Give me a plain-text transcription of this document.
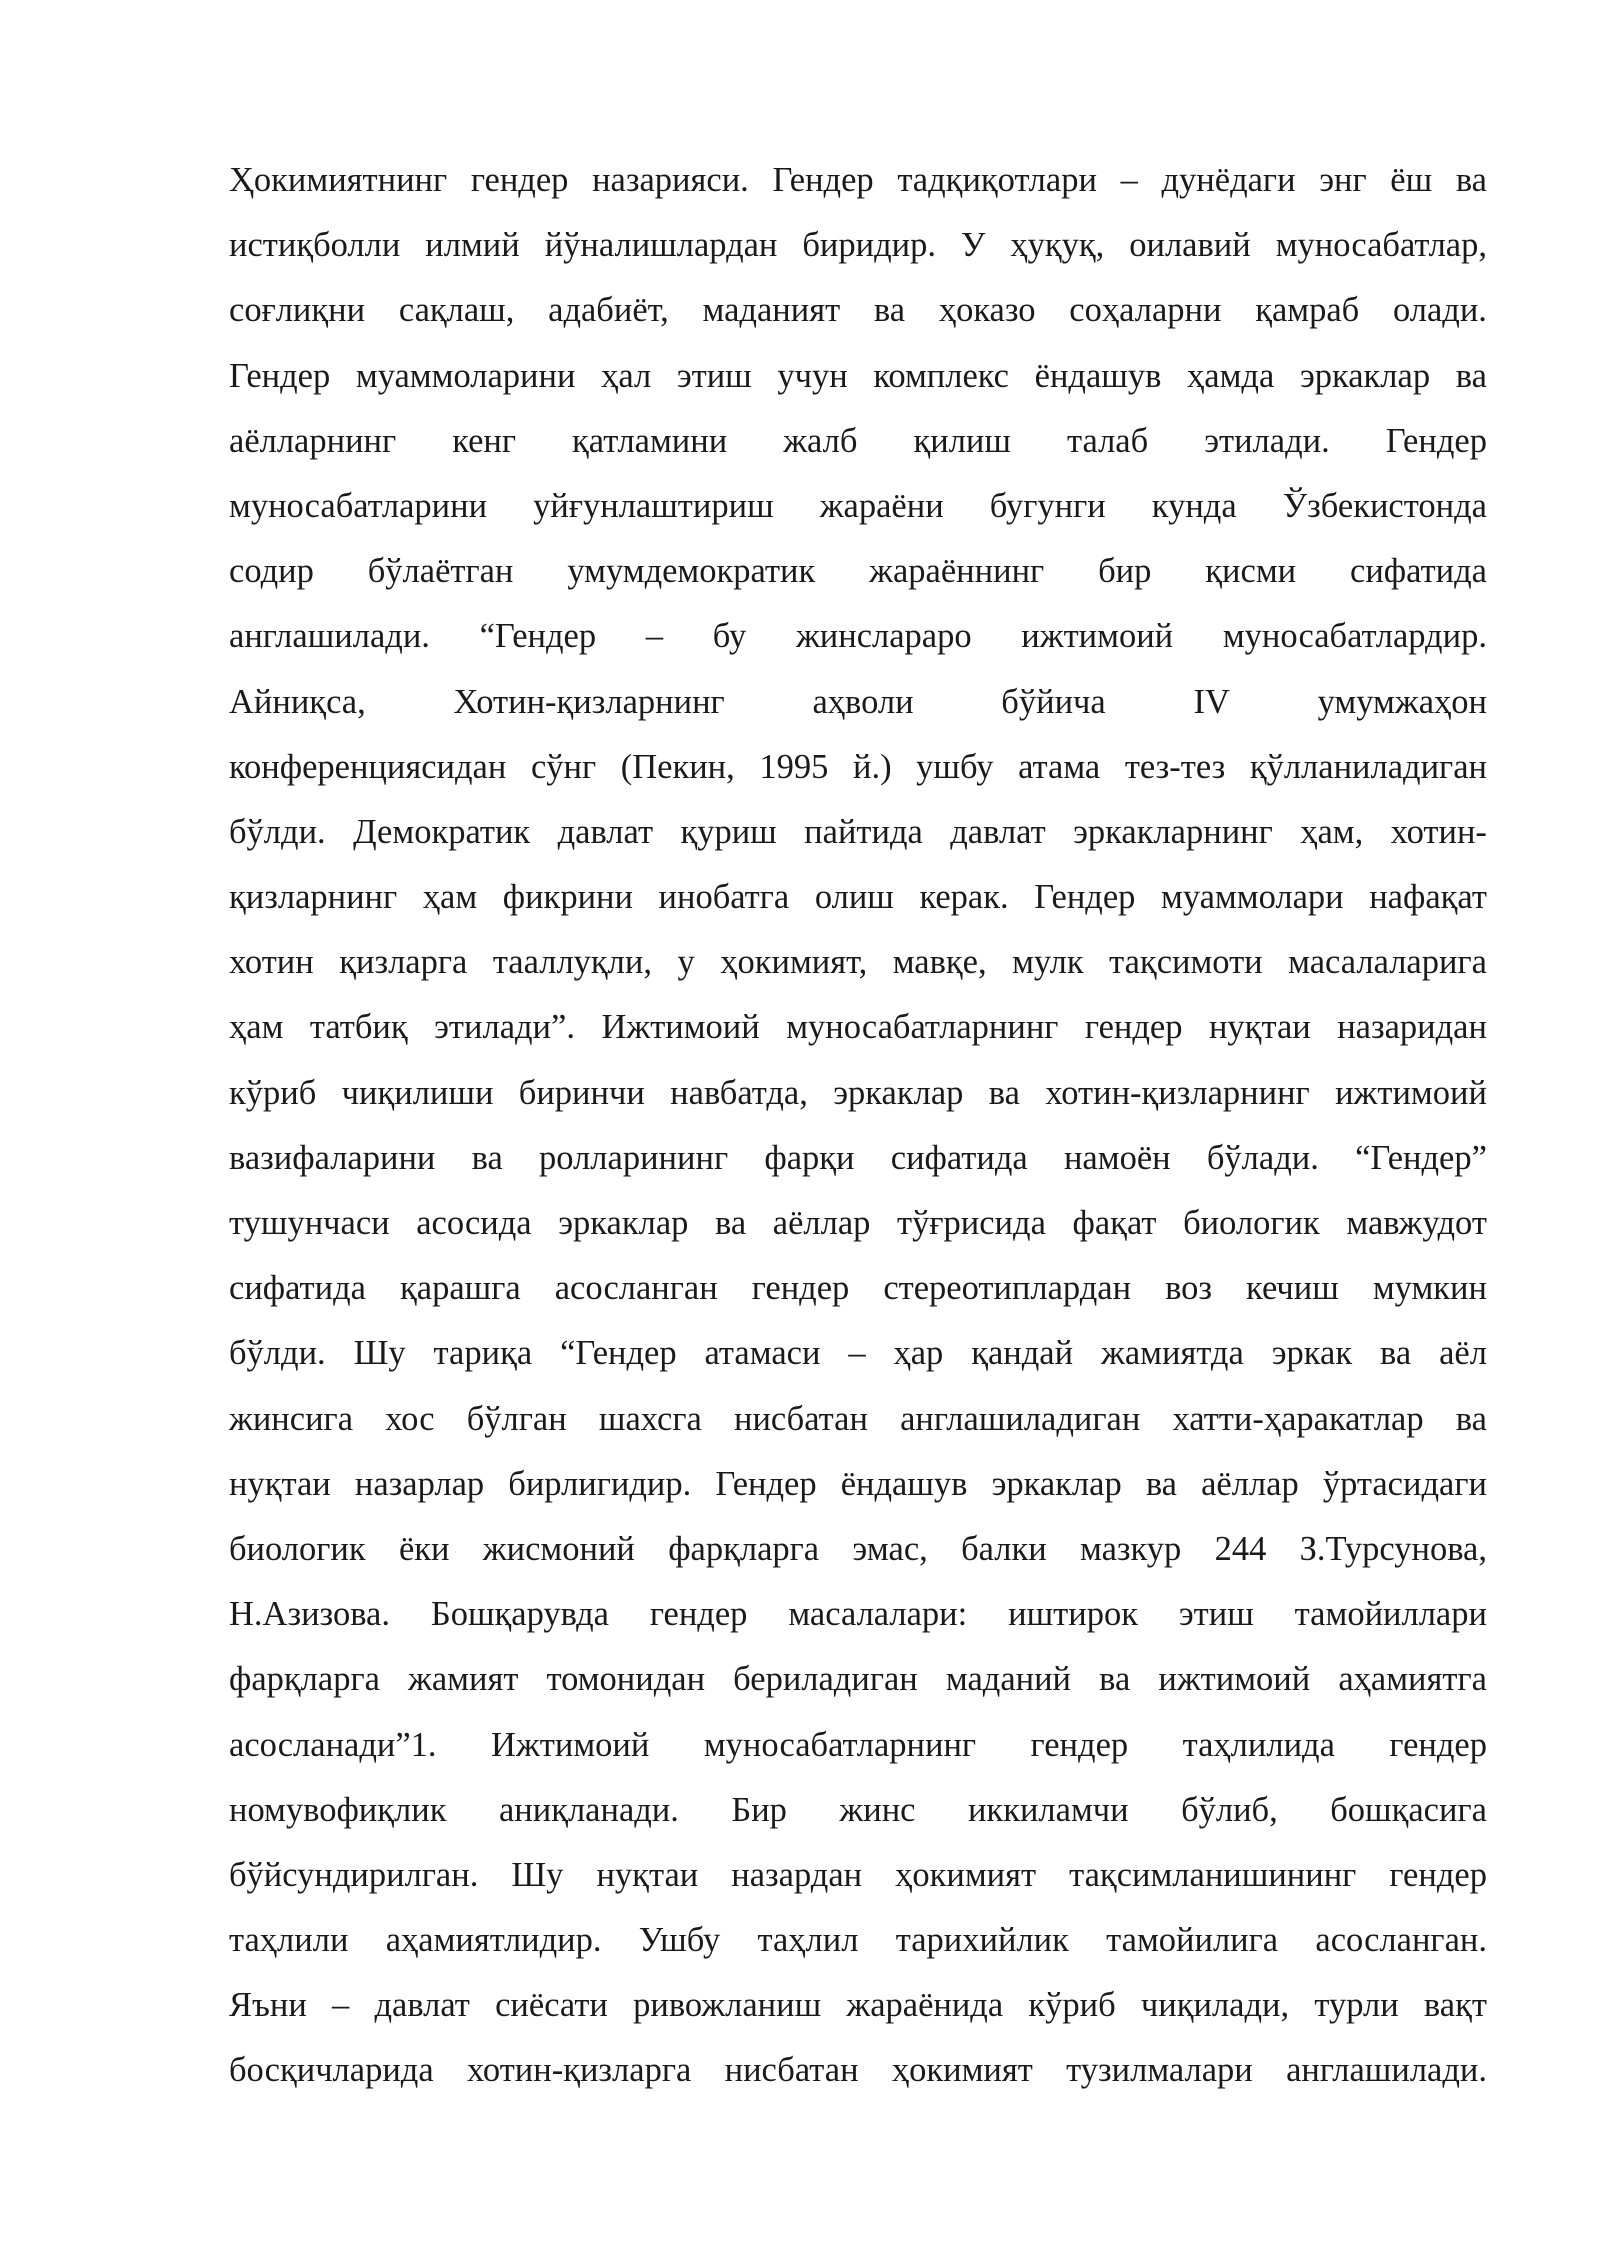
Ҳокимиятнинг гендер назарияси. Гендер тадқиқотлари – дунёдаги энг ёш ва
истиқболли илмий йўналишлардан биридир. У ҳуқуқ, оилавий муносабатлар,
соғлиқни сақлаш, адабиёт, маданият ва ҳоказо соҳаларни қамраб олади.
Гендер муаммоларини ҳал этиш учун комплекс ёндашув ҳамда эркаклар ва
аёлларнинг кенг қатламини жалб қилиш талаб этилади. Гендер
муносабатларини уйғунлаштириш жараёни бугунги кунда Ўзбекистонда
содир бўлаётган умумдемократик жараённинг бир қисми сифатида
англашилади. “Гендер – бу жинслараро ижтимоий муносабатлардир.
Айниқса,	Хотин-қизларнинг	аҳволи	бўйича	IV	умумжаҳон
конференциясидан сўнг (Пекин, 1995 й.) ушбу атама тез-тез қўлланиладиган
бўлди. Демократик давлат қуриш пайтида давлат эркакларнинг ҳам, хотин-
қизларнинг ҳам фикрини инобатга олиш керак. Гендер муаммолари нафақат
хотин қизларга тааллуқли, у ҳокимият, мавқе, мулк тақсимоти масалаларига
ҳам татбиқ этилади”. Ижтимоий муносабатларнинг гендер нуқтаи назаридан
кўриб чиқилиши биринчи навбатда, эркаклар ва хотин-қизларнинг ижтимоий
вазифаларини ва ролларининг фарқи сифатида намоён бўлади. “Гендер”
тушунчаси асосида эркаклар ва аёллар тўғрисида фақат биологик мавжудот
сифатида қарашга асосланган гендер стереотиплардан воз кечиш мумкин
бўлди. Шу тариқа “Гендер атамаси – ҳар қандай жамиятда эркак ва аёл
жинсига хос бўлган шахсга нисбатан англашиладиган хатти-ҳаракатлар ва
нуқтаи назарлар бирлигидир. Гендер ёндашув эркаклар ва аёллар ўртасидаги
биологик ёки жисмоний фарқларга эмас, балки мазкур 244 З.Турсунова,
Н.Азизова. Бошқарувда гендер масалалари: иштирок этиш тамойиллари
фарқларга жамият томонидан бериладиган маданий ва ижтимоий аҳамиятга
асосланади”1. Ижтимоий муносабатларнинг гендер таҳлилида гендер
номувофиқлик аниқланади. Бир жинс иккиламчи бўлиб, бошқасига
бўйсундирилган. Шу нуқтаи назардан ҳокимият тақсимланишининг гендер
таҳлили аҳамиятлидир. Ушбу таҳлил тарихийлик тамойилига асосланган.
Яъни – давлат сиёсати ривожланиш жараёнида кўриб чиқилади, турли вақт
босқичларида хотин-қизларга нисбатан ҳокимият тузилмалари англашилади.
